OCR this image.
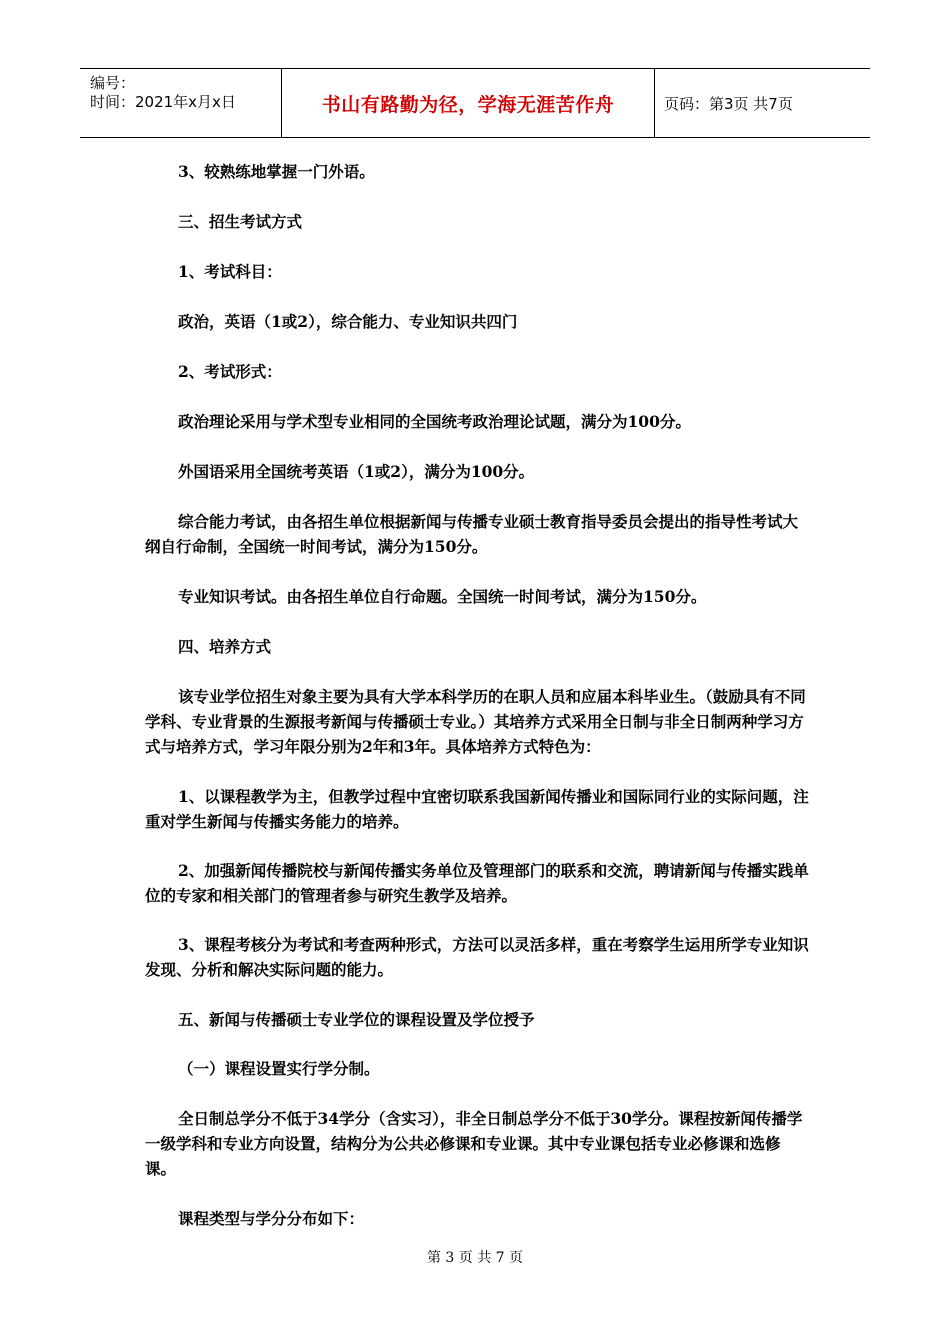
编号：
时间：2021年x月x日	书山有路勤为径，学海无涯苦作舟	页码：第3页 共7页

3、较熟练地掌握一门外语。

三、招生考试方式

1、考试科目：

政治，英语（1或2），综合能力、专业知识共四门

2、考试形式：

政治理论采用与学术型专业相同的全国统考政治理论试题，满分为100分。

外国语采用全国统考英语（1或2），满分为100分。

综合能力考试，由各招生单位根据新闻与传播专业硕士教育指导委员会提出的指导性考试大纲自行命制，全国统一时间考试，满分为150分。

专业知识考试。由各招生单位自行命题。全国统一时间考试，满分为150分。

四、培养方式

该专业学位招生对象主要为具有大学本科学历的在职人员和应届本科毕业生。（鼓励具有不同学科、专业背景的生源报考新闻与传播硕士专业。）其培养方式采用全日制与非全日制两种学习方式与培养方式，学习年限分别为2年和3年。具体培养方式特色为：

1、以课程教学为主，但教学过程中宜密切联系我国新闻传播业和国际同行业的实际问题，注重对学生新闻与传播实务能力的培养。

2、加强新闻传播院校与新闻传播实务单位及管理部门的联系和交流，聘请新闻与传播实践单位的专家和相关部门的管理者参与研究生教学及培养。

3、课程考核分为考试和考查两种形式，方法可以灵活多样，重在考察学生运用所学专业知识发现、分析和解决实际问题的能力。

五、新闻与传播硕士专业学位的课程设置及学位授予

（一）课程设置实行学分制。

全日制总学分不低于34学分（含实习），非全日制总学分不低于30学分。课程按新闻传播学一级学科和专业方向设置，结构分为公共必修课和专业课。其中专业课包括专业必修课和选修课。

课程类型与学分分布如下：

第 3 页 共 7 页
